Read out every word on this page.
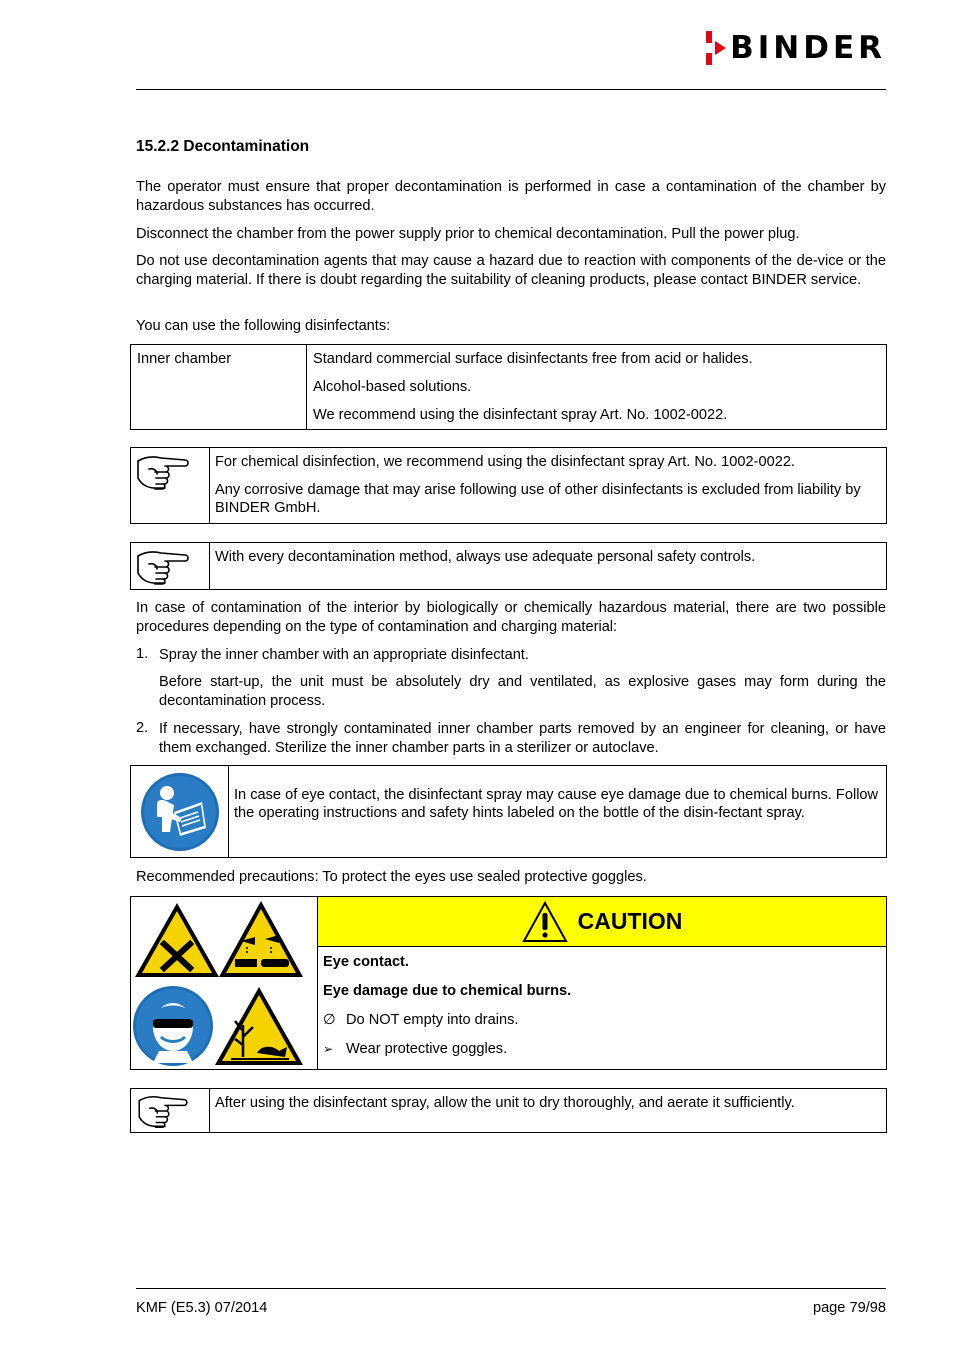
BINDER
15.2.2 Decontamination
The operator must ensure that proper decontamination is performed in case a contamination of the chamber by hazardous substances has occurred.
Disconnect the chamber from the power supply prior to chemical decontamination. Pull the power plug.
Do not use decontamination agents that may cause a hazard due to reaction with components of the de-vice or the charging material. If there is doubt regarding the suitability of cleaning products, please contact BINDER service.
You can use the following disinfectants:

Inner chamber	Standard commercial surface disinfectants free from acid or halides.

Alcohol-based solutions.

We recommend using the disinfectant spray Art. No. 1002-0022.

For chemical disinfection, we recommend using the disinfectant spray Art. No. 1002-0022.

Any corrosive damage that may arise following use of other disinfectants is excluded from liability by BINDER GmbH.

With every decontamination method, always use adequate personal safety controls.

In case of contamination of the interior by biologically or chemically hazardous material, there are two possible procedures depending on the type of contamination and charging material:
1. Spray the inner chamber with an appropriate disinfectant.
Before start-up, the unit must be absolutely dry and ventilated, as explosive gases may form during the decontamination process.
2. If necessary, have strongly contaminated inner chamber parts removed by an engineer for cleaning, or have them exchanged. Sterilize the inner chamber parts in a sterilizer or autoclave.

In case of eye contact, the disinfectant spray may cause eye damage due to chemical burns. Follow the operating instructions and safety hints labeled on the bottle of the disin-fectant spray.

Recommended precautions: To protect the eyes use sealed protective goggles.

CAUTION

Eye contact.

Eye damage due to chemical burns.

∅ Do NOT empty into drains.

➢ Wear protective goggles.

After using the disinfectant spray, allow the unit to dry thoroughly, and aerate it sufficiently.

KMF (E5.3) 07/2014	page 79/98
